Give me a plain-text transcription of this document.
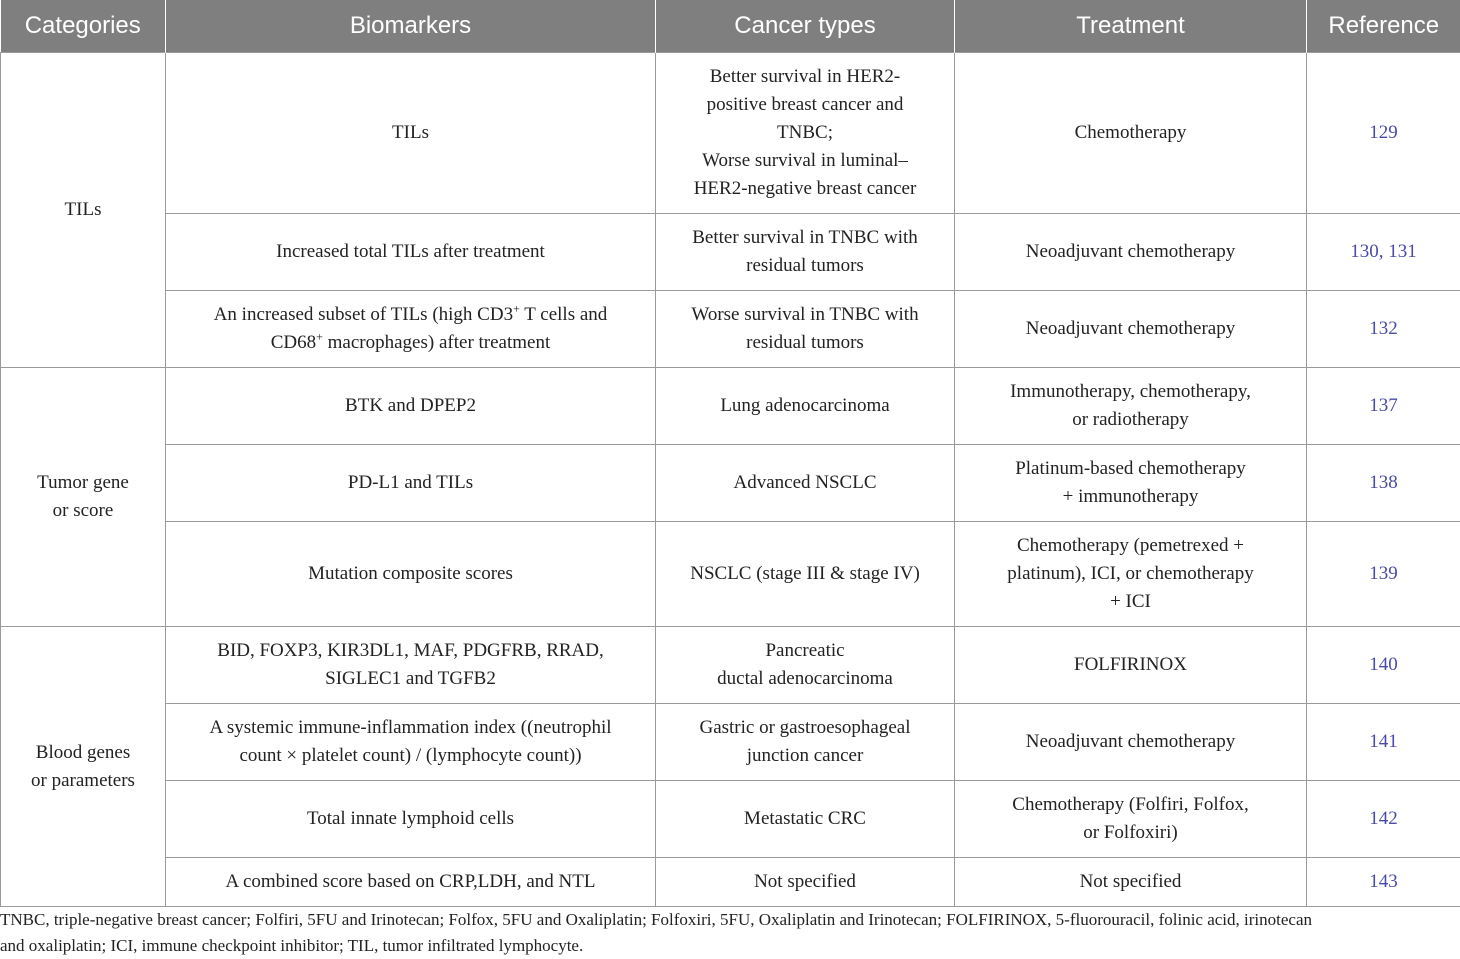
Categories	Biomarkers	Cancer types	Treatment	Reference
TILs	TILs	Better survival in HER2-
positive breast cancer and
TNBC;
Worse survival in luminal–
HER2-negative breast cancer	Chemotherapy	129
	Increased total TILs after treatment	Better survival in TNBC with
residual tumors	Neoadjuvant chemotherapy	130, 131
	An increased subset of TILs (high CD3+ T cells and
CD68+ macrophages) after treatment	Worse survival in TNBC with
residual tumors	Neoadjuvant chemotherapy	132
Tumor gene
or score	BTK and DPEP2	Lung adenocarcinoma	Immunotherapy, chemotherapy,
or radiotherapy	137
	PD-L1 and TILs	Advanced NSCLC	Platinum-based chemotherapy
+ immunotherapy	138
	Mutation composite scores	NSCLC (stage III & stage IV)	Chemotherapy (pemetrexed +
platinum), ICI, or chemotherapy
+ ICI	139
Blood genes
or parameters	BID, FOXP3, KIR3DL1, MAF, PDGFRB, RRAD,
SIGLEC1 and TGFB2	Pancreatic
ductal adenocarcinoma	FOLFIRINOX	140
	A systemic immune-inflammation index ((neutrophil
count × platelet count) / (lymphocyte count))	Gastric or gastroesophageal
junction cancer	Neoadjuvant chemotherapy	141
	Total innate lymphoid cells	Metastatic CRC	Chemotherapy (Folfiri, Folfox,
or Folfoxiri)	142
	A combined score based on CRP,LDH, and NTL	Not specified	Not specified	143
TNBC, triple-negative breast cancer; Folfiri, 5FU and Irinotecan; Folfox, 5FU and Oxaliplatin; Folfoxiri, 5FU, Oxaliplatin and Irinotecan; FOLFIRINOX, 5-fluorouracil, folinic acid, irinotecan
and oxaliplatin; ICI, immune checkpoint inhibitor; TIL, tumor infiltrated lymphocyte.
